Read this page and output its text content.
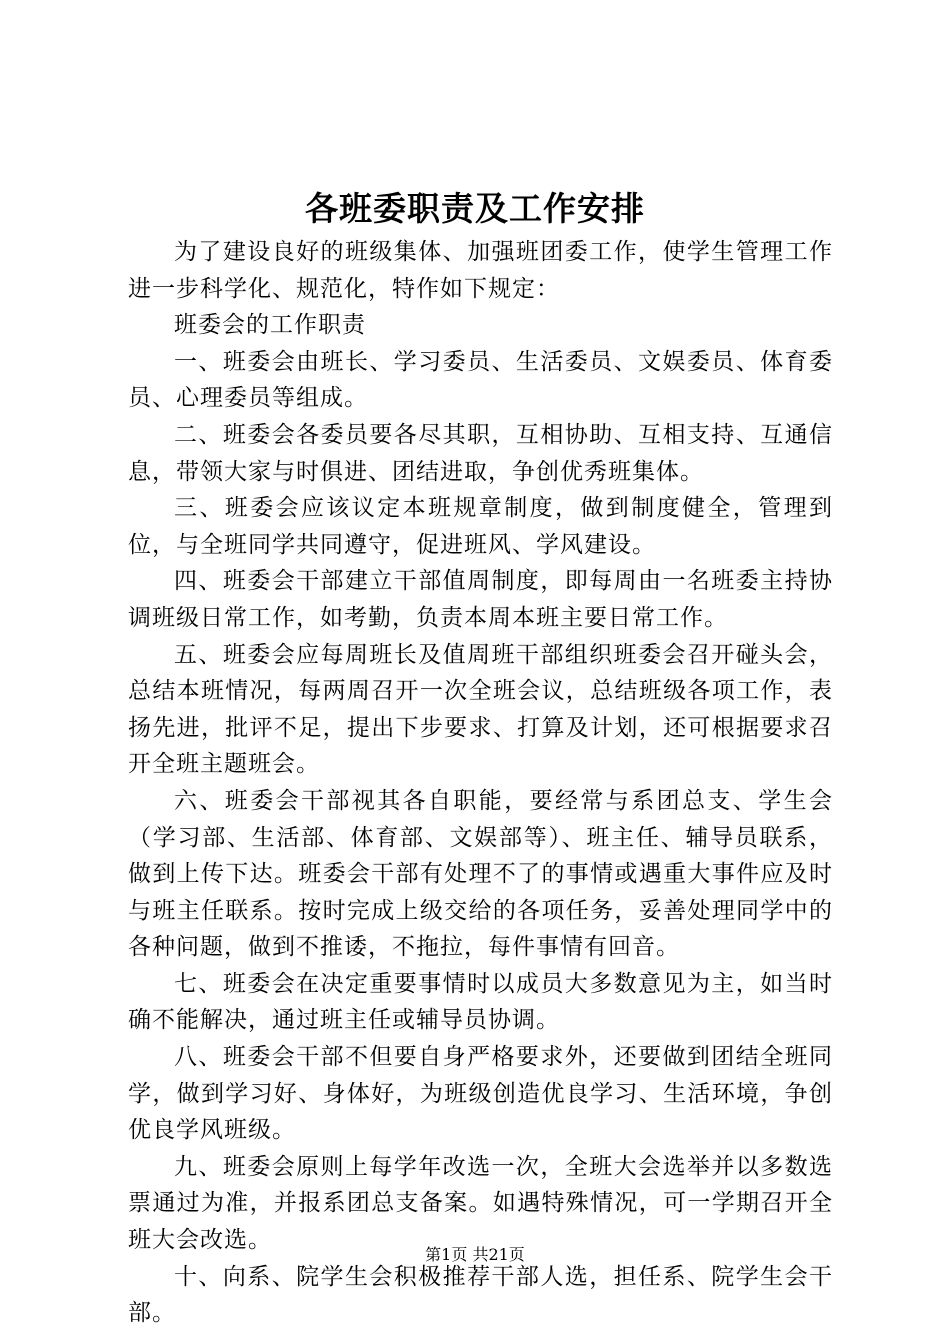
各班委职责及工作安排

为了建设良好的班级集体、加强班团委工作，使学生管理工作进一步科学化、规范化，特作如下规定：

班委会的工作职责

一、班委会由班长、学习委员、生活委员、文娱委员、体育委员、心理委员等组成。

二、班委会各委员要各尽其职，互相协助、互相支持、互通信息，带领大家与时俱进、团结进取，争创优秀班集体。

三、班委会应该议定本班规章制度，做到制度健全，管理到位，与全班同学共同遵守，促进班风、学风建设。

四、班委会干部建立干部值周制度，即每周由一名班委主持协调班级日常工作，如考勤，负责本周本班主要日常工作。

五、班委会应每周班长及值周班干部组织班委会召开碰头会，总结本班情况，每两周召开一次全班会议，总结班级各项工作，表扬先进，批评不足，提出下步要求、打算及计划，还可根据要求召开全班主题班会。

六、班委会干部视其各自职能，要经常与系团总支、学生会（学习部、生活部、体育部、文娱部等）、班主任、辅导员联系，做到上传下达。班委会干部有处理不了的事情或遇重大事件应及时与班主任联系。按时完成上级交给的各项任务，妥善处理同学中的各种问题，做到不推诿，不拖拉，每件事情有回音。

七、班委会在决定重要事情时以成员大多数意见为主，如当时确不能解决，通过班主任或辅导员协调。

八、班委会干部不但要自身严格要求外，还要做到团结全班同学，做到学习好、身体好，为班级创造优良学习、生活环境，争创优良学风班级。

九、班委会原则上每学年改选一次，全班大会选举并以多数选票通过为准，并报系团总支备案。如遇特殊情况，可一学期召开全班大会改选。

十、向系、院学生会积极推荐干部人选，担任系、院学生会干部。

第1页 共21页
